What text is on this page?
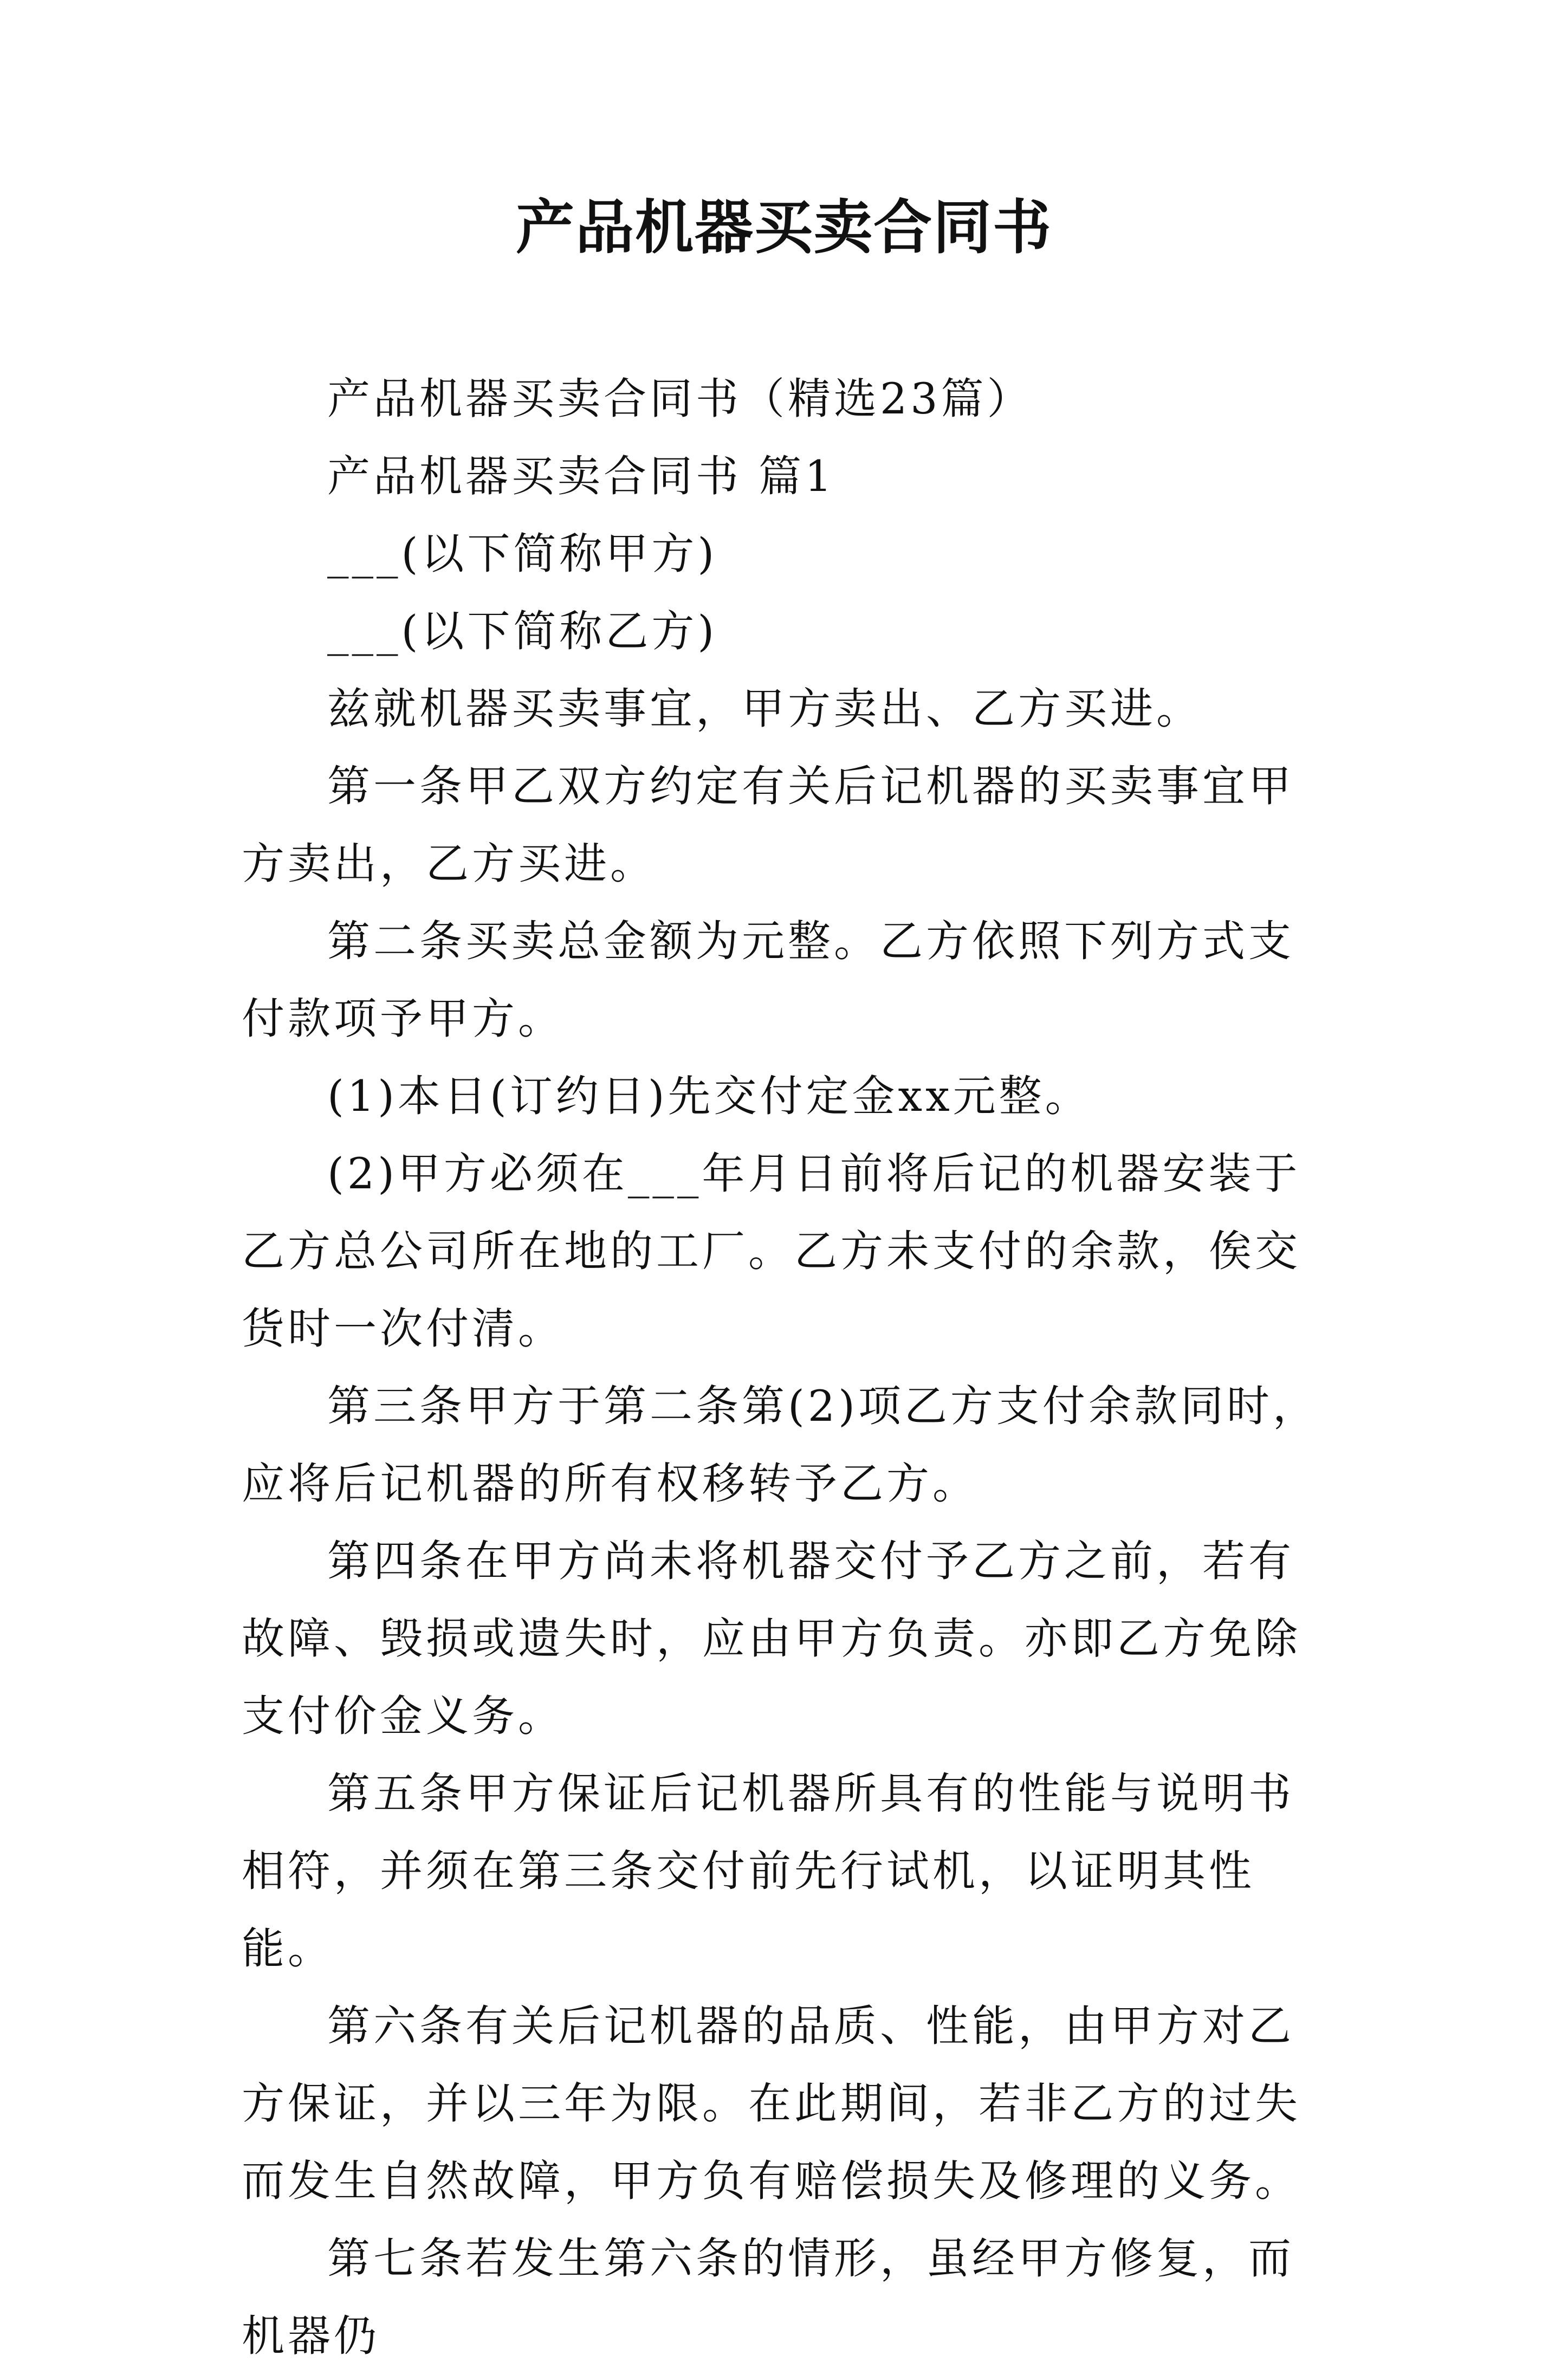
产品机器买卖合同书

产品机器买卖合同书（精选23篇）

产品机器买卖合同书 篇1

___(以下简称甲方)

___(以下简称乙方)

兹就机器买卖事宜，甲方卖出、乙方买进。

第一条甲乙双方约定有关后记机器的买卖事宜甲方卖出，乙方买进。

第二条买卖总金额为元整。乙方依照下列方式支付款项予甲方。

(1)本日(订约日)先交付定金xx元整。

(2)甲方必须在___年月日前将后记的机器安装于乙方总公司所在地的工厂。乙方未支付的余款，俟交货时一次付清。

第三条甲方于第二条第(2)项乙方支付余款同时，应将后记机器的所有权移转予乙方。

第四条在甲方尚未将机器交付予乙方之前，若有故障、毁损或遗失时，应由甲方负责。亦即乙方免除支付价金义务。

第五条甲方保证后记机器所具有的性能与说明书相符，并须在第三条交付前先行试机，以证明其性能。

第六条有关后记机器的品质、性能，由甲方对乙方保证，并以三年为限。在此期间，若非乙方的过失而发生自然故障，甲方负有赔偿损失及修理的义务。

第七条若发生第六条的情形，虽经甲方修复，而机器仍
